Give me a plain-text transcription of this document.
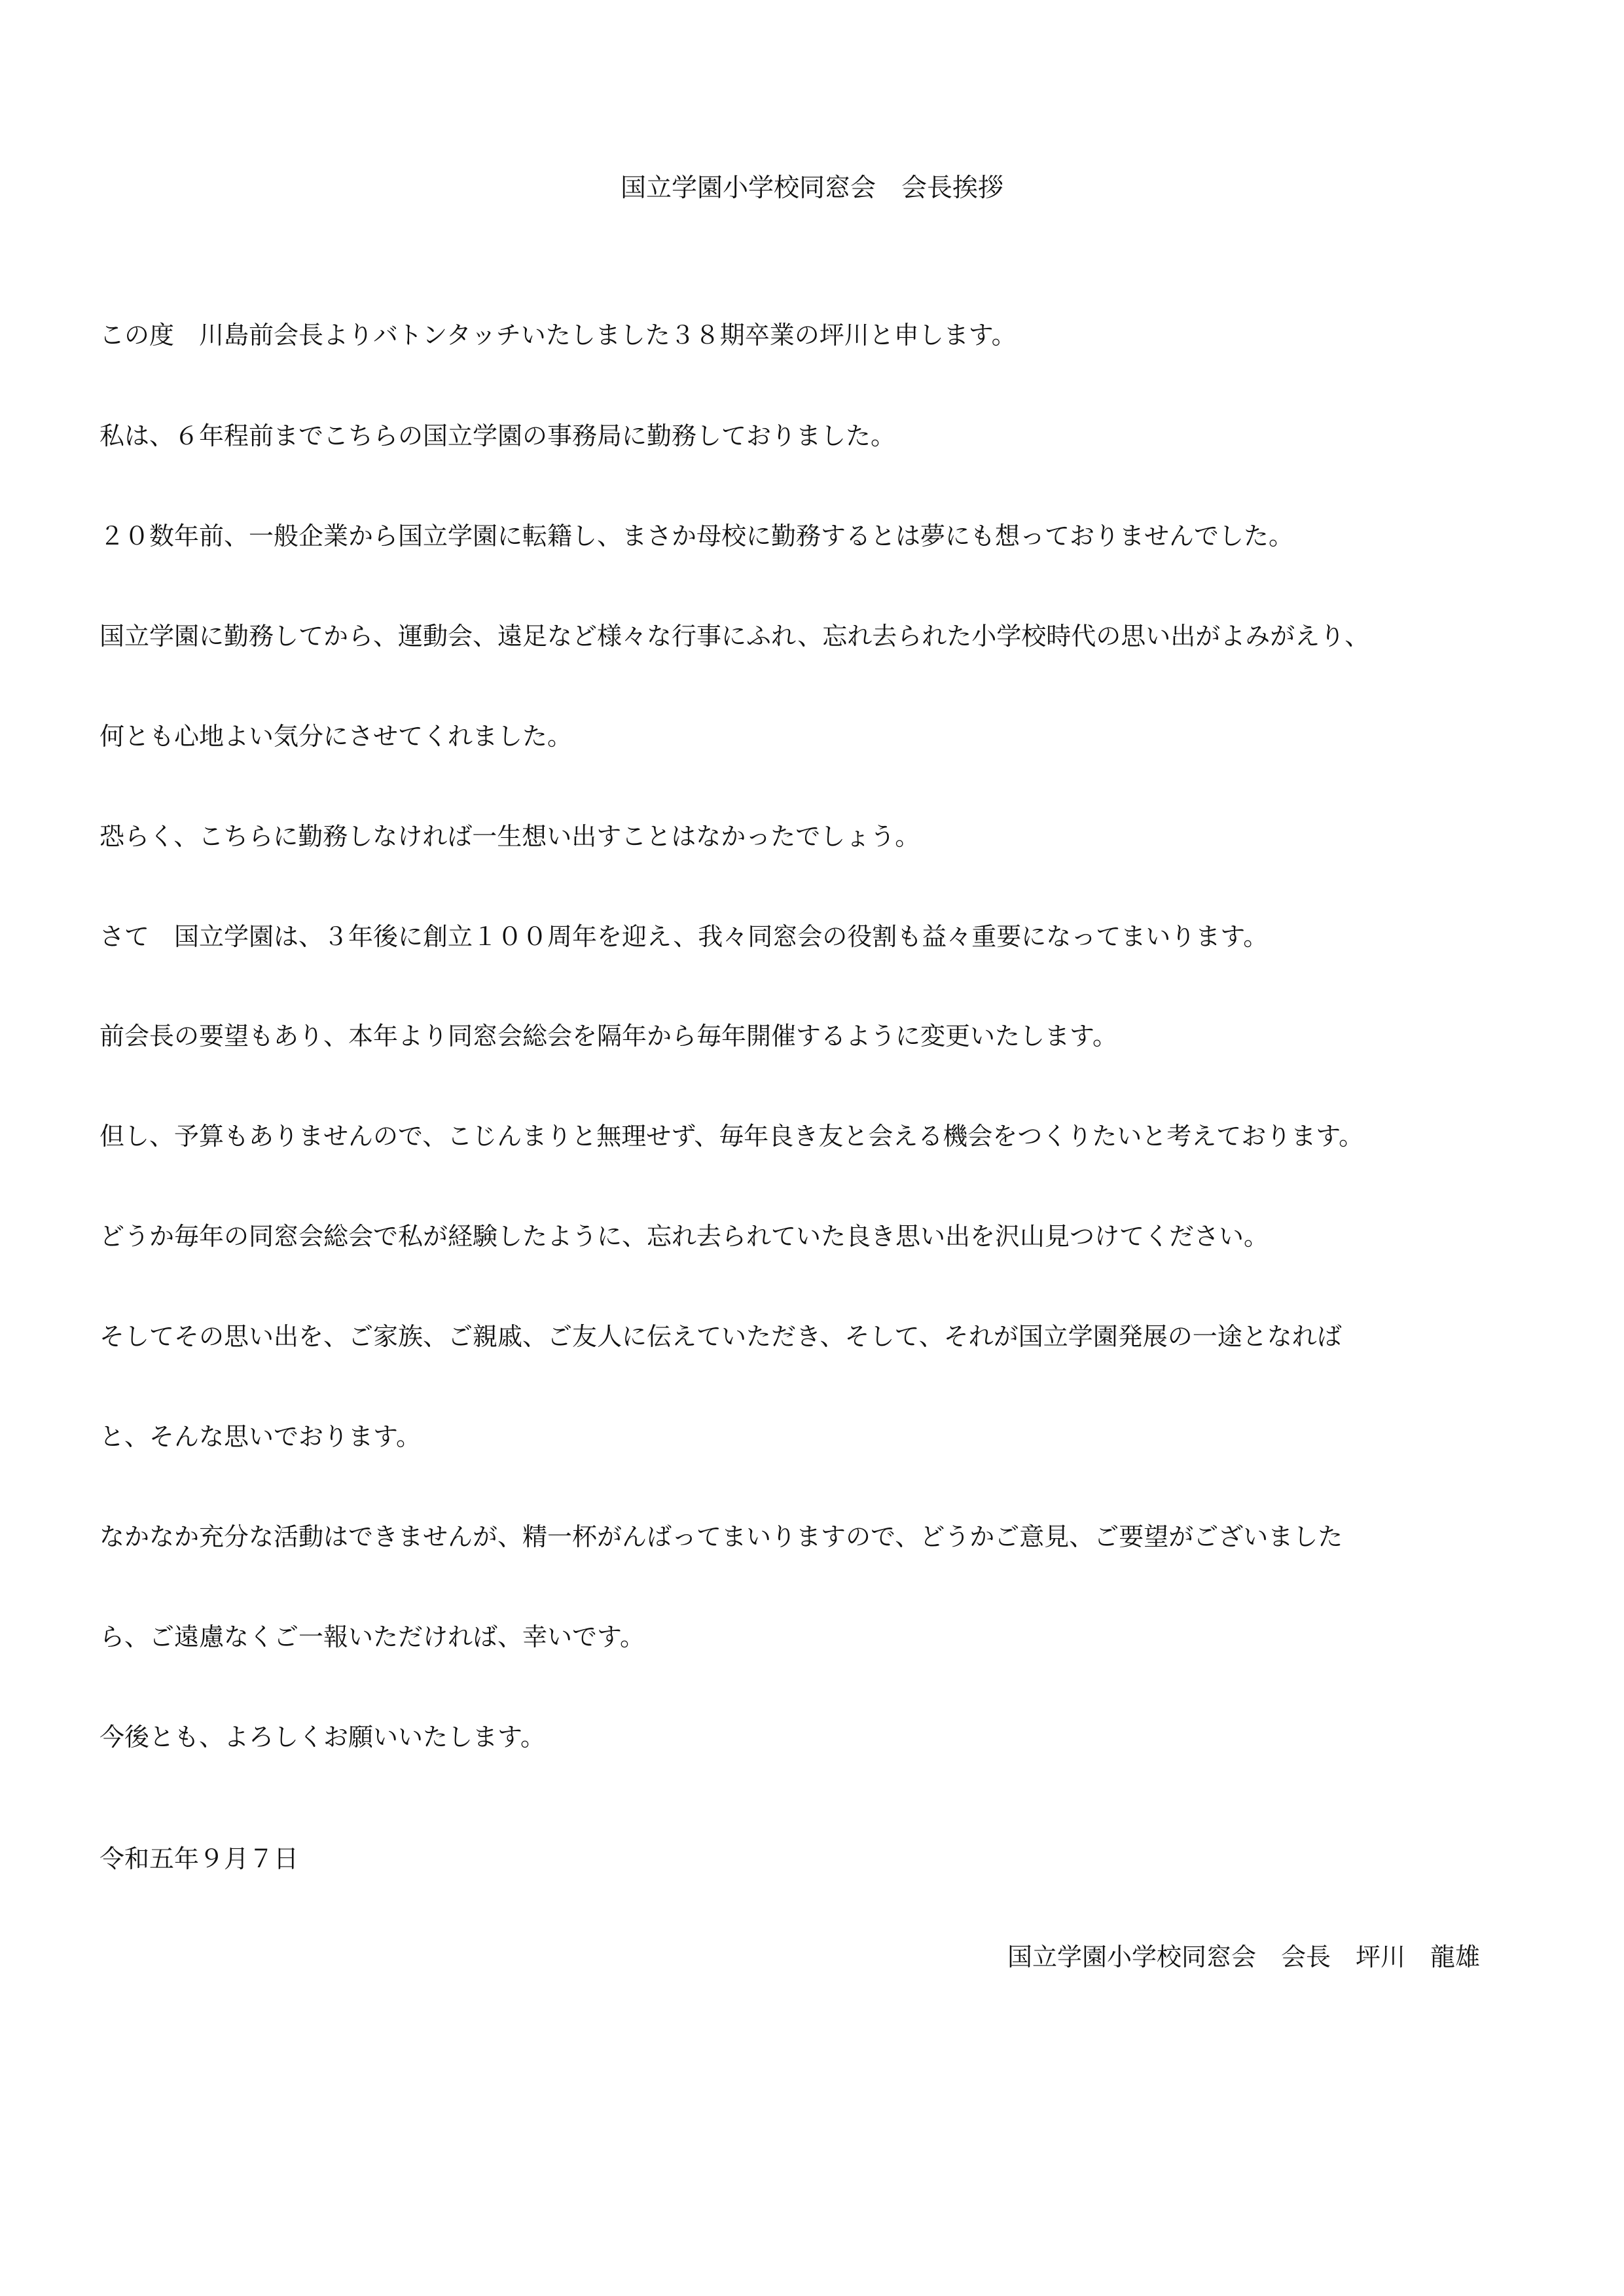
国立学園小学校同窓会　会長挨拶
この度　川島前会長よりバトンタッチいたしました３８期卒業の坪川と申します。
私は、６年程前までこちらの国立学園の事務局に勤務しておりました。
２０数年前、一般企業から国立学園に転籍し、まさか母校に勤務するとは夢にも想っておりませんでした。
国立学園に勤務してから、運動会、遠足など様々な行事にふれ、忘れ去られた小学校時代の思い出がよみがえり、
何とも心地よい気分にさせてくれました。
恐らく、こちらに勤務しなければ一生想い出すことはなかったでしょう。
さて　国立学園は、３年後に創立１００周年を迎え、我々同窓会の役割も益々重要になってまいります。
前会長の要望もあり、本年より同窓会総会を隔年から毎年開催するように変更いたします。
但し、予算もありませんので、こじんまりと無理せず、毎年良き友と会える機会をつくりたいと考えております。
どうか毎年の同窓会総会で私が経験したように、忘れ去られていた良き思い出を沢山見つけてください。
そしてその思い出を、ご家族、ご親戚、ご友人に伝えていただき、そして、それが国立学園発展の一途となれば
と、そんな思いでおります。
なかなか充分な活動はできませんが、精一杯がんばってまいりますので、どうかご意見、ご要望がございました
ら、ご遠慮なくご一報いただければ、幸いです。
今後とも、よろしくお願いいたします。
令和五年９月７日
国立学園小学校同窓会　会長　坪川　龍雄
